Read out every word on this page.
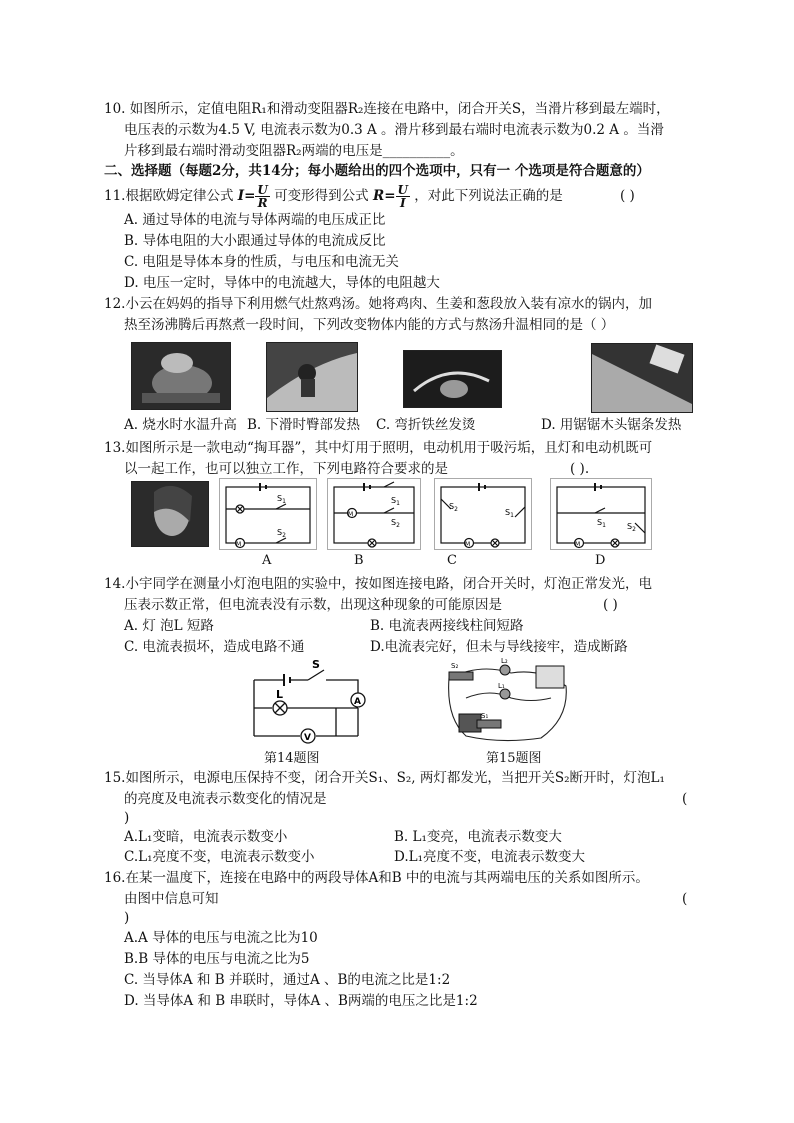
10. 如图所示，定值电阻R₁和滑动变阻器R₂连接在电路中，闭合开关S，当滑片移到最左端时，
电压表的示数为4.5 V, 电流表示数为0.3 A 。滑片移到最右端时电流表示数为0.2 A 。当滑
片移到最右端时滑动变阻器R₂两端的电压是__________。
二、选择题（每题2分，共14分；每小题给出的四个选项中，只有一 个选项是符合题意的）
11.根据欧姆定律公式 $I= \frac{U}{R}$ 可变形得到公式 $R= \frac{U}{I}$ ，对此下列说法正确的是	( )
A. 通过导体的电流与导体两端的电压成正比
B. 导体电阻的大小跟通过导体的电流成反比
C. 电阻是导体本身的性质，与电压和电流无关
D. 电压一定时，导体中的电流越大，导体的电阻越大
12.小云在妈妈的指导下利用燃气灶熬鸡汤。她将鸡肉、生姜和葱段放入装有凉水的锅内，加
热至汤沸腾后再熬煮一段时间，下列改变物体内能的方式与熬汤升温相同的是（ ）
A. 烧水时水温升高 B. 下滑时臀部发热 C. 弯折铁丝发烫	D. 用锯锯木头锯条发热
13.如图所示是一款电动“掏耳器”，其中灯用于照明，电动机用于吸污垢，且灯和电动机既可
以一起工作，也可以独立工作，下列电路符合要求的是	( ).
$S_1$
$S_2$
M
A
$S_1$
$S_2$
M
B
$S_2$	$S_1$
M
C
$S_1$	$S_2$
M
D
14.小宇同学在测量小灯泡电阻的实验中，按如图连接电路，闭合开关时，灯泡正常发光，电
压表示数正常，但电流表没有示数，出现这种现象的可能原因是	( )
A. 灯 泡L 短路	B. 电流表两接线柱间短路
C. 电流表损坏，造成电路不通	D.电流表完好，但未与导线接牢，造成断路
S
L
A
V
第14题图
S₂
L₂
L₁
S₁
第15题图
15.如图所示，电源电压保持不变，闭合开关S₁、S₂, 两灯都发光，当把开关S₂断开时，灯泡L₁
的亮度及电流表示数变化的情况是	(
)
A.L₁变暗，电流表示数变小	B. L₁变亮，电流表示数变大
C.L₁亮度不变，电流表示数变小	D.L₁亮度不变，电流表示数变大
16.在某一温度下，连接在电路中的两段导体A和B 中的电流与其两端电压的关系如图所示。
由图中信息可知	(
)
A.A 导体的电压与电流之比为10
B.B 导体的电压与电流之比为5
C. 当导体A 和 B 并联时，通过A 、B的电流之比是1:2
D. 当导体A 和 B 串联时，导体A 、B两端的电压之比是1:2
